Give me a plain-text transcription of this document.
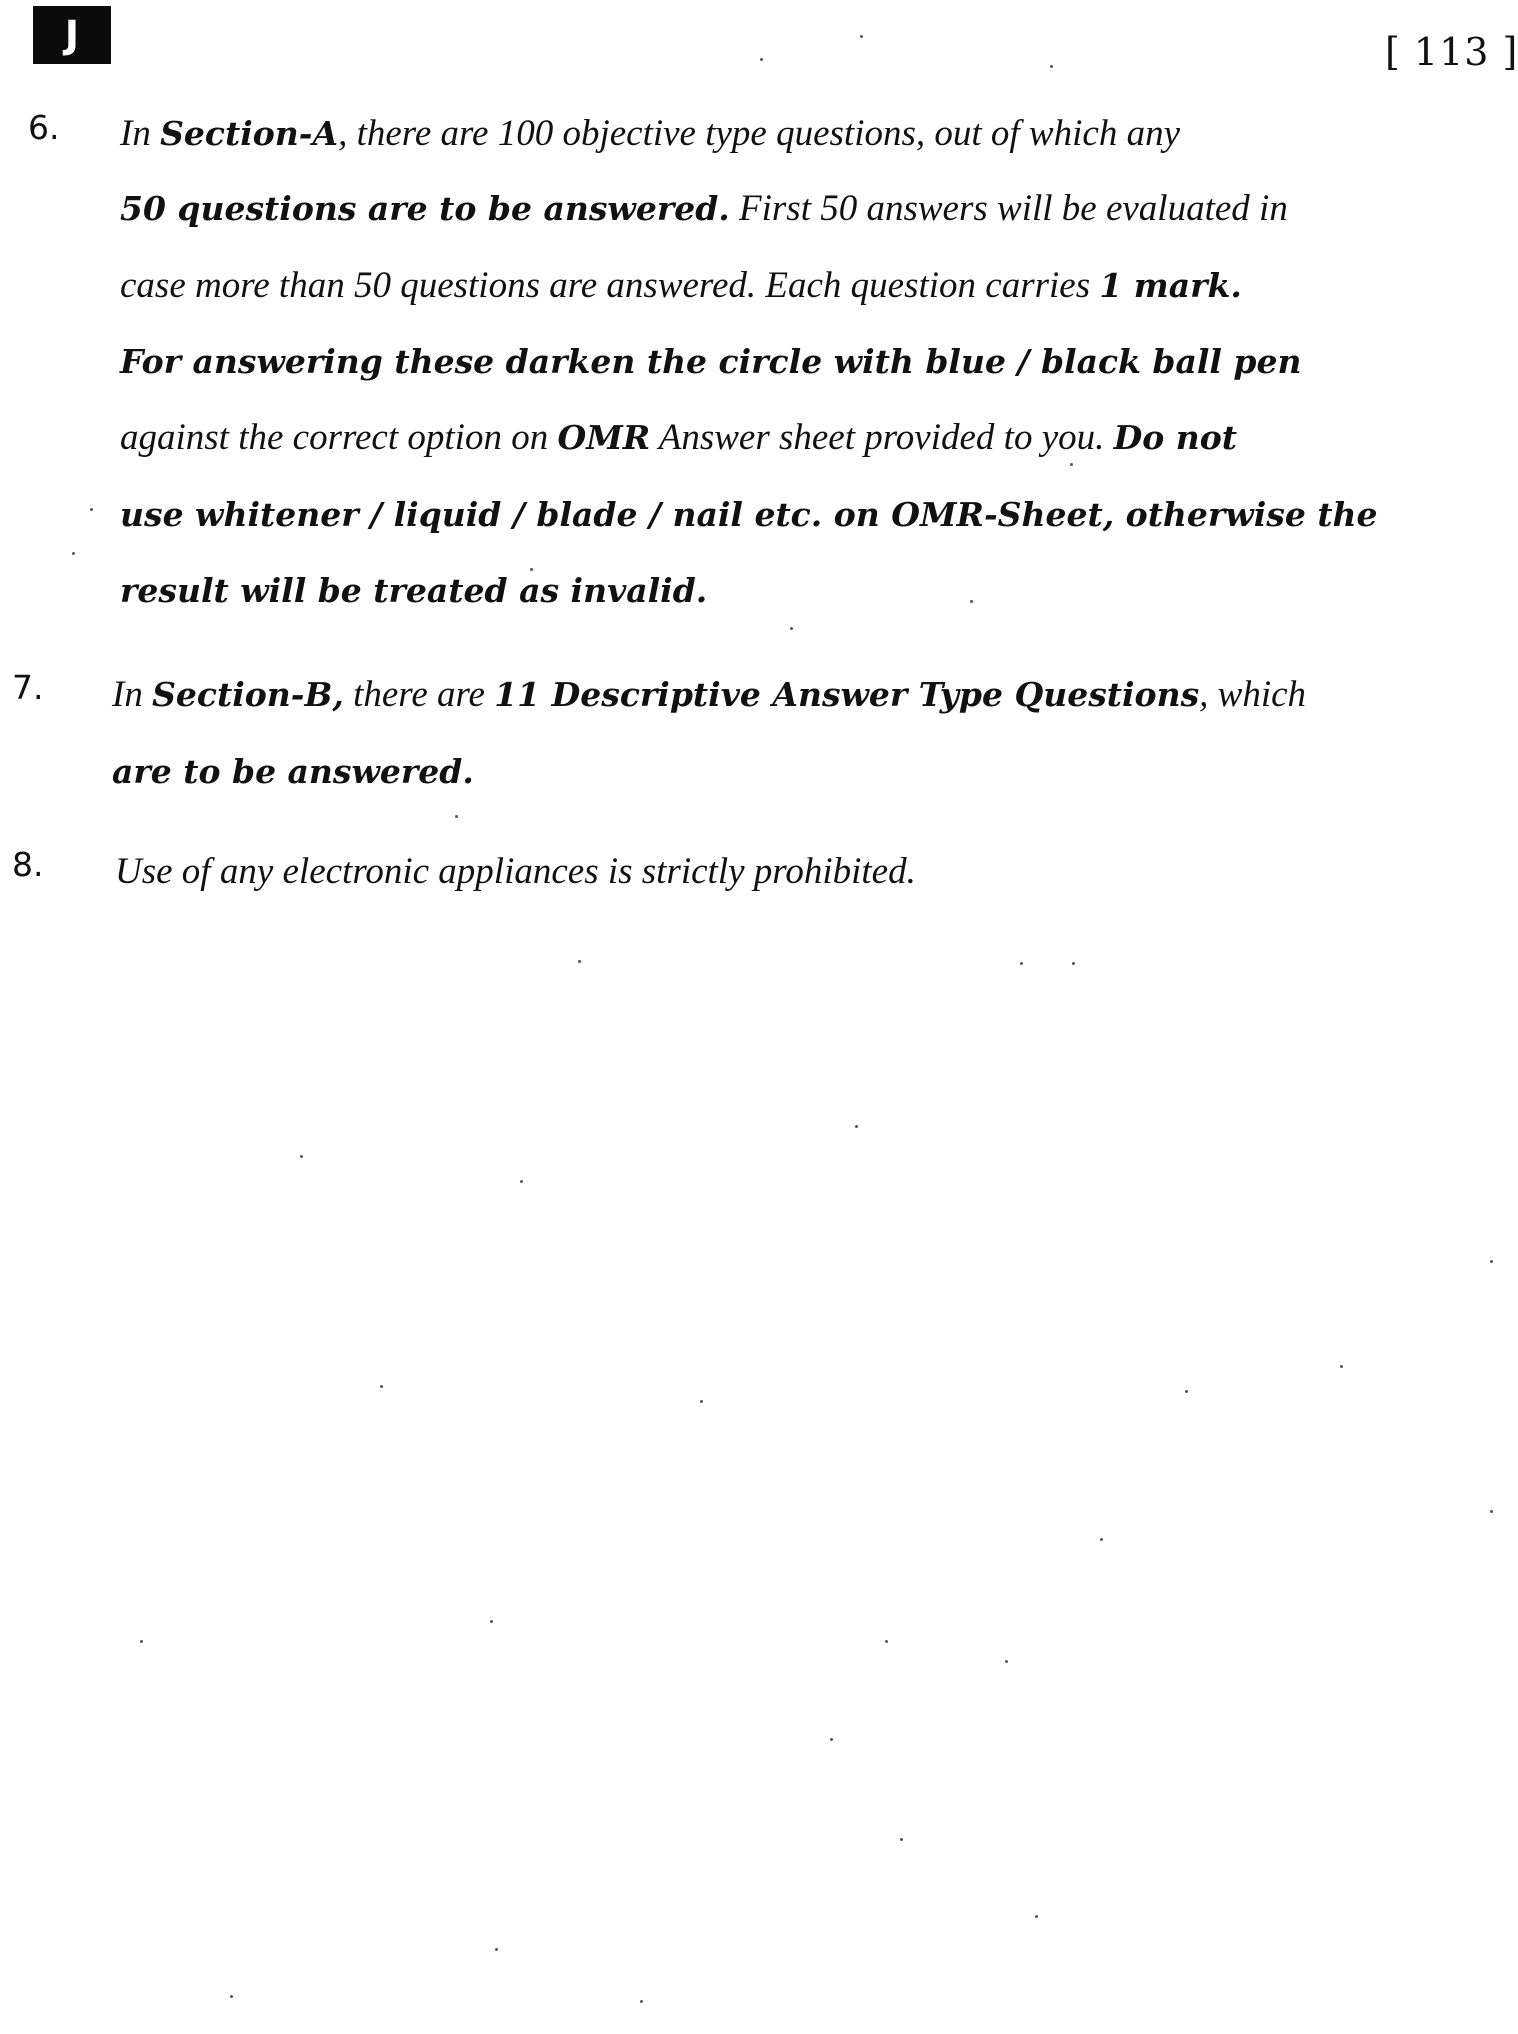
J	[ 113 ]
6. In Section-A, there are 100 objective type questions, out of which any
50 questions are to be answered. First 50 answers will be evaluated in
case more than 50 questions are answered. Each question carries 1 mark.
For answering these darken the circle with blue / black ball pen
against the correct option on OMR Answer sheet provided to you. Do not
use whitener / liquid / blade / nail etc. on OMR-Sheet, otherwise the
result will be treated as invalid.
7. In Section-B, there are 11 Descriptive Answer Type Questions, which
are to be answered.
8. Use of any electronic appliances is strictly prohibited.
